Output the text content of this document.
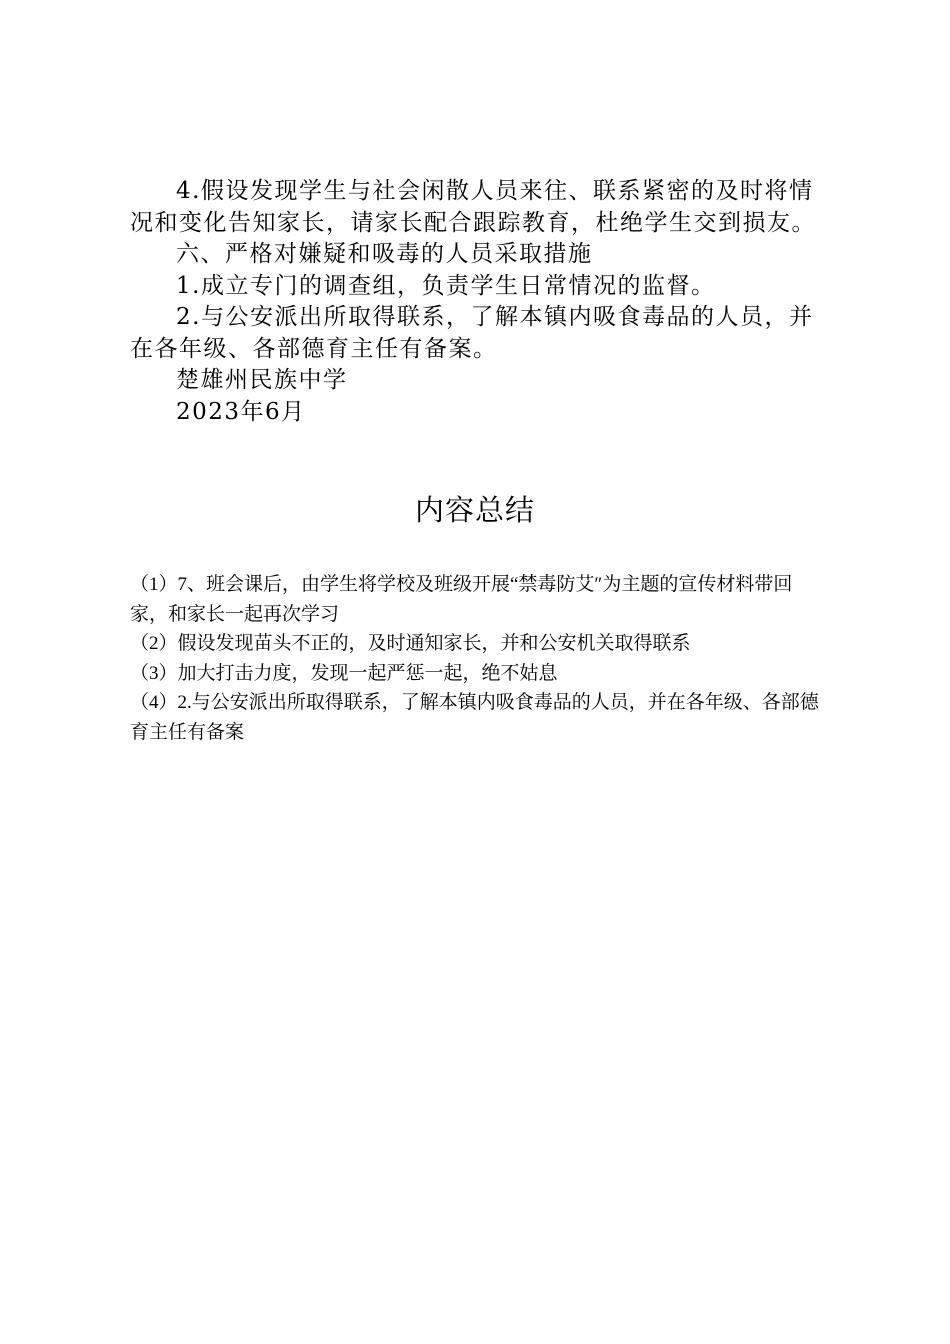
4.假设发现学生与社会闲散人员来往、联系紧密的及时将情况和变化告知家长，请家长配合跟踪教育，杜绝学生交到损友。

六、严格对嫌疑和吸毒的人员采取措施

1.成立专门的调查组，负责学生日常情况的监督。

2.与公安派出所取得联系，了解本镇内吸食毒品的人员，并在各年级、各部德育主任有备案。

楚雄州民族中学

2023年6月

内容总结

（1）7、班会课后，由学生将学校及班级开展“禁毒防艾″为主题的宣传材料带回家，和家长一起再次学习

（2）假设发现苗头不正的，及时通知家长，并和公安机关取得联系

（3）加大打击力度，发现一起严惩一起，绝不姑息

（4）2.与公安派出所取得联系，了解本镇内吸食毒品的人员，并在各年级、各部德育主任有备案
